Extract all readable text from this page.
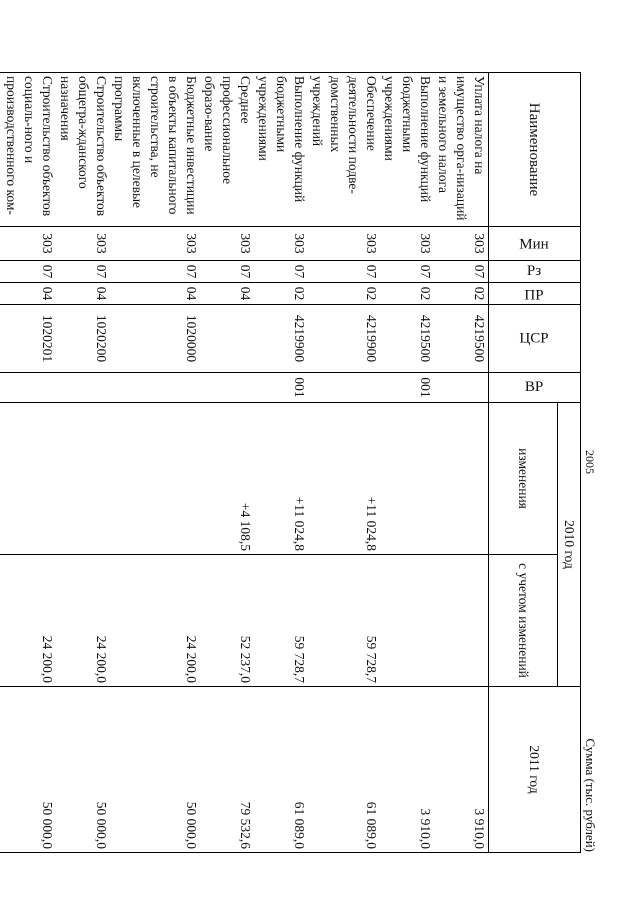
2005
Сумма (тыс. рублей)
Наименование	Мин	Рз	ПР	ЦСР	ВР	2010 год		2011 год
						изменения	с учетом изменений	
Уплата налога на имущество орга-низаций и земельного налога	303	07	02	4219500				3 910,0
Выполнение функций бюджетными учреждениями	303	07	02	4219500	001			3 910,0
Обеспечение деятельности подве-домственных учреждений	303	07	02	4219900		+11 024,8	59 728,7	61 089,0
Выполнение функций бюджетными учреждениями	303	07	02	4219900	001	+11 024,8	59 728,7	61 089,0
Среднее профессиональное образо-вание	303	07	04			+4 108,5	52 237,0	79 532,6
Бюджетные инвестиции в объекты капитального строительства, не включенные в целевые программы	303	07	04	1020000			24 200,0	50 000,0
Строительство объектов общегра-жданского назначения	303	07	04	1020200			24 200,0	50 000,0
Строительство объектов социаль-ного и производственного ком-	303	07	04	1020201			24 200,0	50 000,0
